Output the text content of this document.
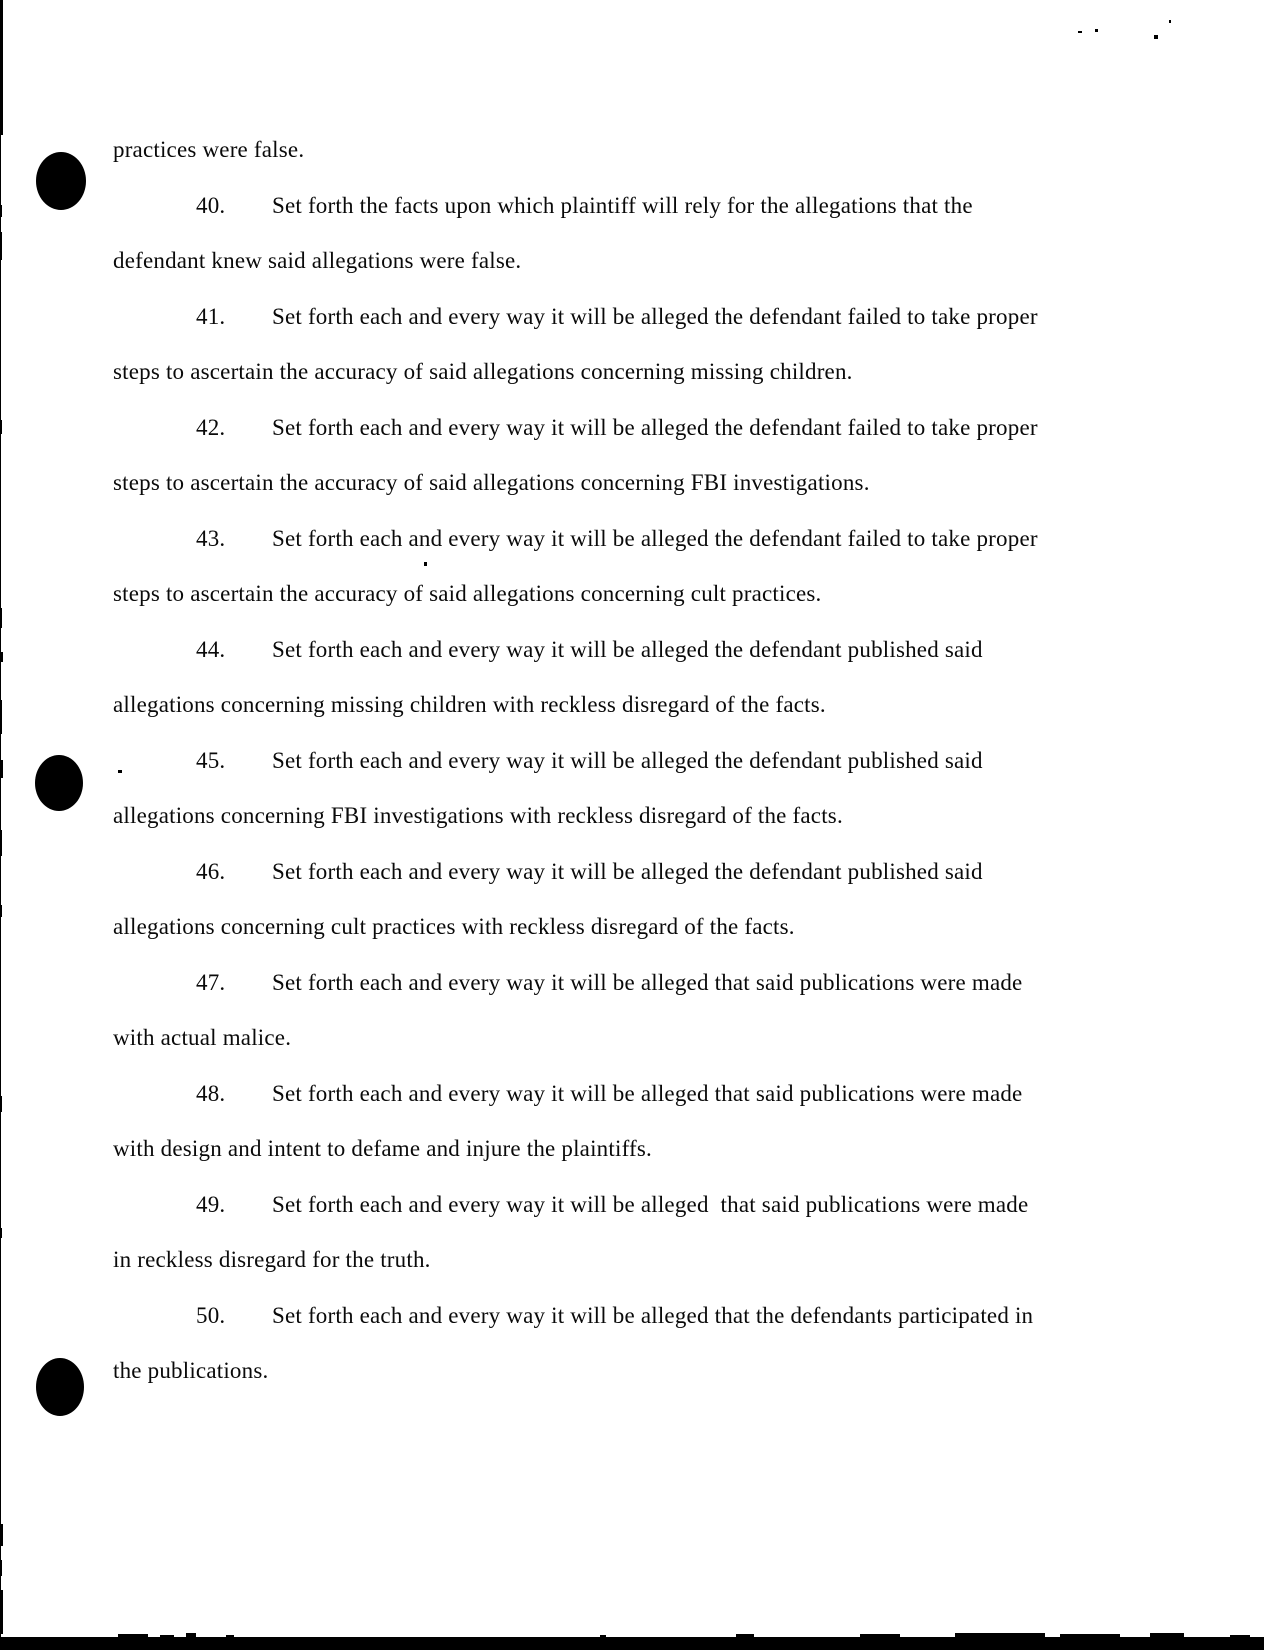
practices were false.
40. Set forth the facts upon which plaintiff will rely for the allegations that the
defendant knew said allegations were false.
41. Set forth each and every way it will be alleged the defendant failed to take proper
steps to ascertain the accuracy of said allegations concerning missing children.
42. Set forth each and every way it will be alleged the defendant failed to take proper
steps to ascertain the accuracy of said allegations concerning FBI investigations.
43. Set forth each and every way it will be alleged the defendant failed to take proper
steps to ascertain the accuracy of said allegations concerning cult practices.
44. Set forth each and every way it will be alleged the defendant published said
allegations concerning missing children with reckless disregard of the facts.
45. Set forth each and every way it will be alleged the defendant published said
allegations concerning FBI investigations with reckless disregard of the facts.
46. Set forth each and every way it will be alleged the defendant published said
allegations concerning cult practices with reckless disregard of the facts.
47. Set forth each and every way it will be alleged that said publications were made
with actual malice.
48. Set forth each and every way it will be alleged that said publications were made
with design and intent to defame and injure the plaintiffs.
49. Set forth each and every way it will be alleged  that said publications were made
in reckless disregard for the truth.
50. Set forth each and every way it will be alleged that the defendants participated in
the publications.
